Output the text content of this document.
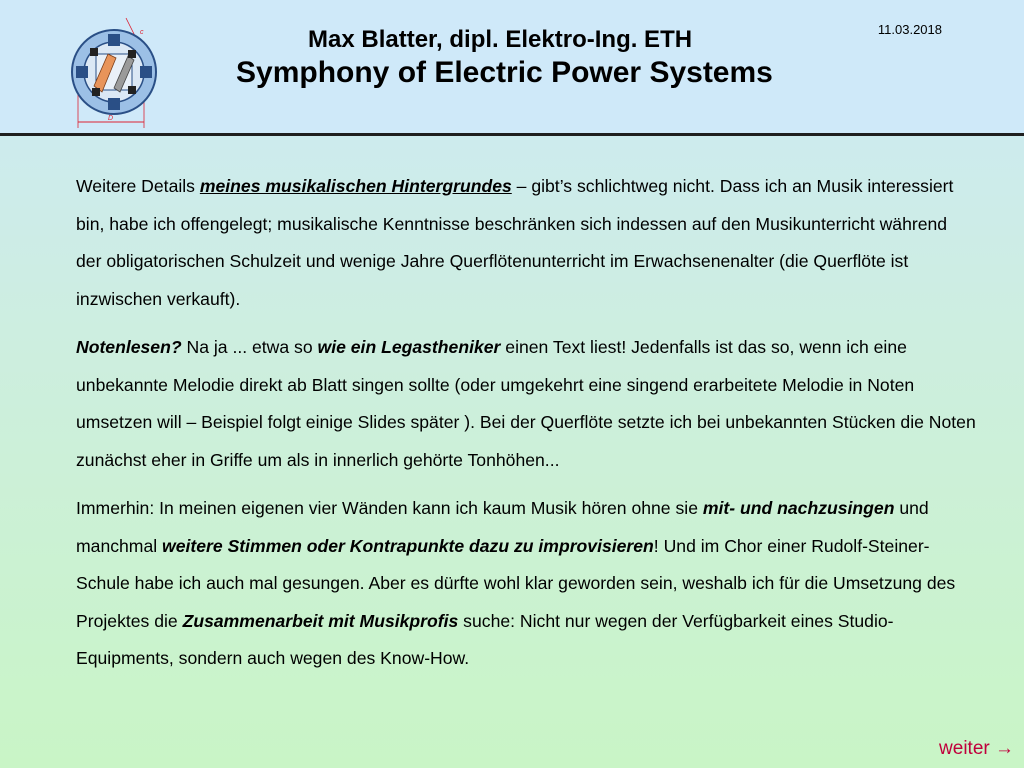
D
c	11.03.2018
Max Blatter, dipl. Elektro-Ing. ETH
Symphony of Electric Power Systems

Weitere Details meines musikalischen Hintergrundes – gibt’s schlichtweg nicht. Dass ich an Musik interessiert bin, habe ich offengelegt; musikalische Kenntnisse beschränken sich indessen auf den Musikunterricht während der obligatorischen Schulzeit und wenige Jahre Querflötenunterricht im Erwachsenenalter (die Querflöte ist inzwischen verkauft).

Notenlesen? Na ja ... etwa so wie ein Legastheniker einen Text liest! Jedenfalls ist das so, wenn ich eine unbekannte Melodie direkt ab Blatt singen sollte (oder umgekehrt eine singend erarbeitete Melodie in Noten umsetzen will – Beispiel folgt einige Slides später ). Bei der Querflöte setzte ich bei unbekannten Stücken die Noten zunächst eher in Griffe um als in innerlich gehörte Tonhöhen...

Immerhin: In meinen eigenen vier Wänden kann ich kaum Musik hören ohne sie mit- und nachzusingen und manchmal weitere Stimmen oder Kontrapunkte dazu zu improvisieren! Und im Chor einer Rudolf-Steiner-Schule habe ich auch mal gesungen. Aber es dürfte wohl klar geworden sein, weshalb ich für die Umsetzung des Projektes die Zusammenarbeit mit Musikprofis suche: Nicht nur wegen der Verfügbarkeit eines Studio-Equipments, sondern auch wegen des Know-How.

weiter →
